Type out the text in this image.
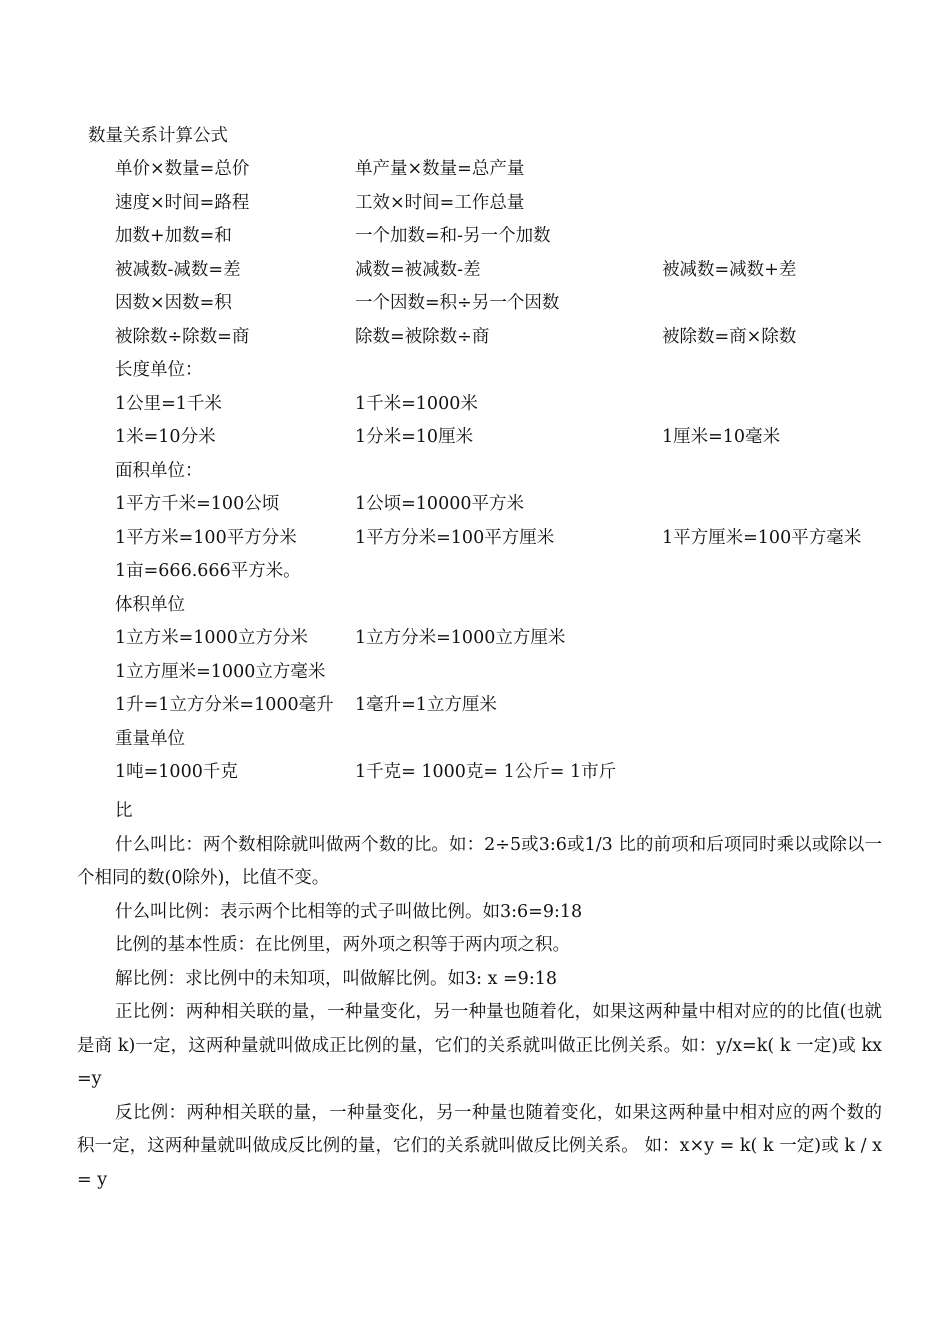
数量关系计算公式
单价×数量=总价	单产量×数量=总产量
速度×时间=路程	工效×时间=工作总量
加数+加数=和	一个加数=和-另一个加数
被减数-减数=差	减数=被减数-差	被减数=减数+差
因数×因数=积	一个因数=积÷另一个因数
被除数÷除数=商	除数=被除数÷商	被除数=商×除数
长度单位：
1公里=1千米	1千米=1000米
1米=10分米	1分米=10厘米	1厘米=10毫米
面积单位：
1平方千米=100公顷	1公顷=10000平方米
1平方米=100平方分米	1平方分米=100平方厘米	1平方厘米=100平方毫米
1亩=666.666平方米。
体积单位
1立方米=1000立方分米	1立方分米=1000立方厘米
1立方厘米=1000立方毫米
1升=1立方分米=1000毫升 1毫升=1立方厘米
重量单位
1吨=1000千克	1千克= 1000克= 1公斤= 1市斤

比

什么叫比：两个数相除就叫做两个数的比。如：2÷5或3:6或1/3 比的前项和后项同时乘以或除以一个相同的数(0除外)，比值不变。

什么叫比例：表示两个比相等的式子叫做比例。如3:6=9:18

比例的基本性质：在比例里，两外项之积等于两内项之积。

解比例：求比例中的未知项，叫做解比例。如3: x =9:18

正比例：两种相关联的量，一种量变化，另一种量也随着化，如果这两种量中相对应的的比值(也就是商 k)一定，这两种量就叫做成正比例的量，它们的关系就叫做正比例关系。如：y/x=k( k 一定)或 kx=y

反比例：两种相关联的量，一种量变化，另一种量也随着变化，如果这两种量中相对应的两个数的积一定，这两种量就叫做成反比例的量，它们的关系就叫做反比例关系。 如：x×y = k( k 一定)或 k / x = y
